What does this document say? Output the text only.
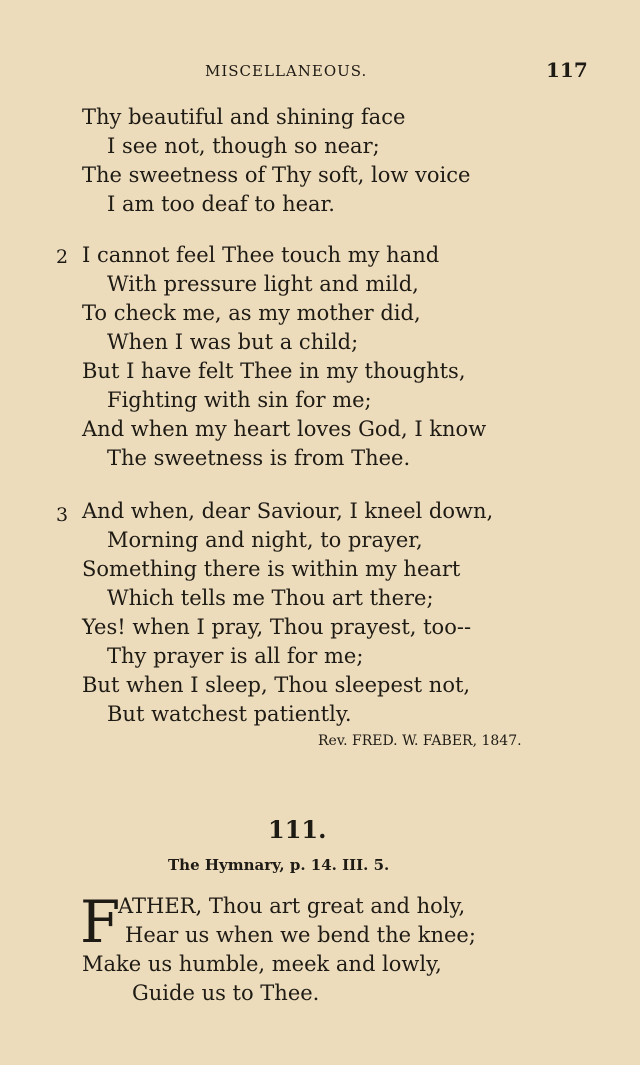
MISCELLANEOUS.	117
Thy beautiful and shining face
I see not, though so near;
The sweetness of Thy soft, low voice
I am too deaf to hear.
2 I cannot feel Thee touch my hand
With pressure light and mild,
To check me, as my mother did,
When I was but a child;
But I have felt Thee in my thoughts,
Fighting with sin for me;
And when my heart loves God, I know
The sweetness is from Thee.
3 And when, dear Saviour, I kneel down,
Morning and night, to prayer,
Something there is within my heart
Which tells me Thou art there;
Yes! when I pray, Thou prayest, too--
Thy prayer is all for me;
But when I sleep, Thou sleepest not,
But watchest patiently.
Rev. FRED. W. FABER, 1847.
111.
The Hymnary, p. 14. III. 5.
F
ATHER, Thou art great and holy,
Hear us when we bend the knee;
Make us humble, meek and lowly,
Guide us to Thee.
